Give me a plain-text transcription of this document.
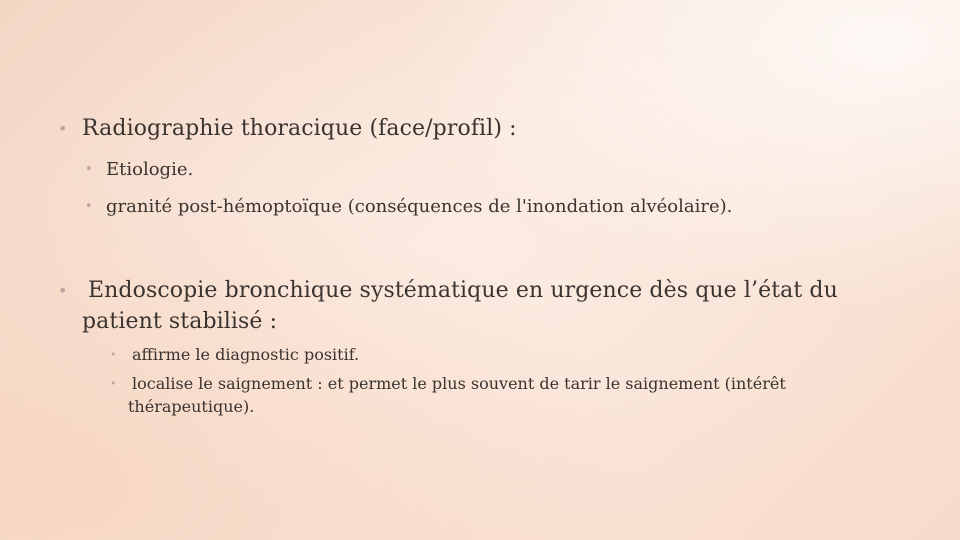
• Radiographie thoracique (face/profil) :
• Etiologie.
• granité post-hémoptoïque (conséquences de l'inondation alvéolaire).
• Endoscopie bronchique systématique en urgence dès que l’état du
patient stabilisé :
• affirme le diagnostic positif.
• localise le saignement : et permet le plus souvent de tarir le saignement (intérêt
thérapeutique).
